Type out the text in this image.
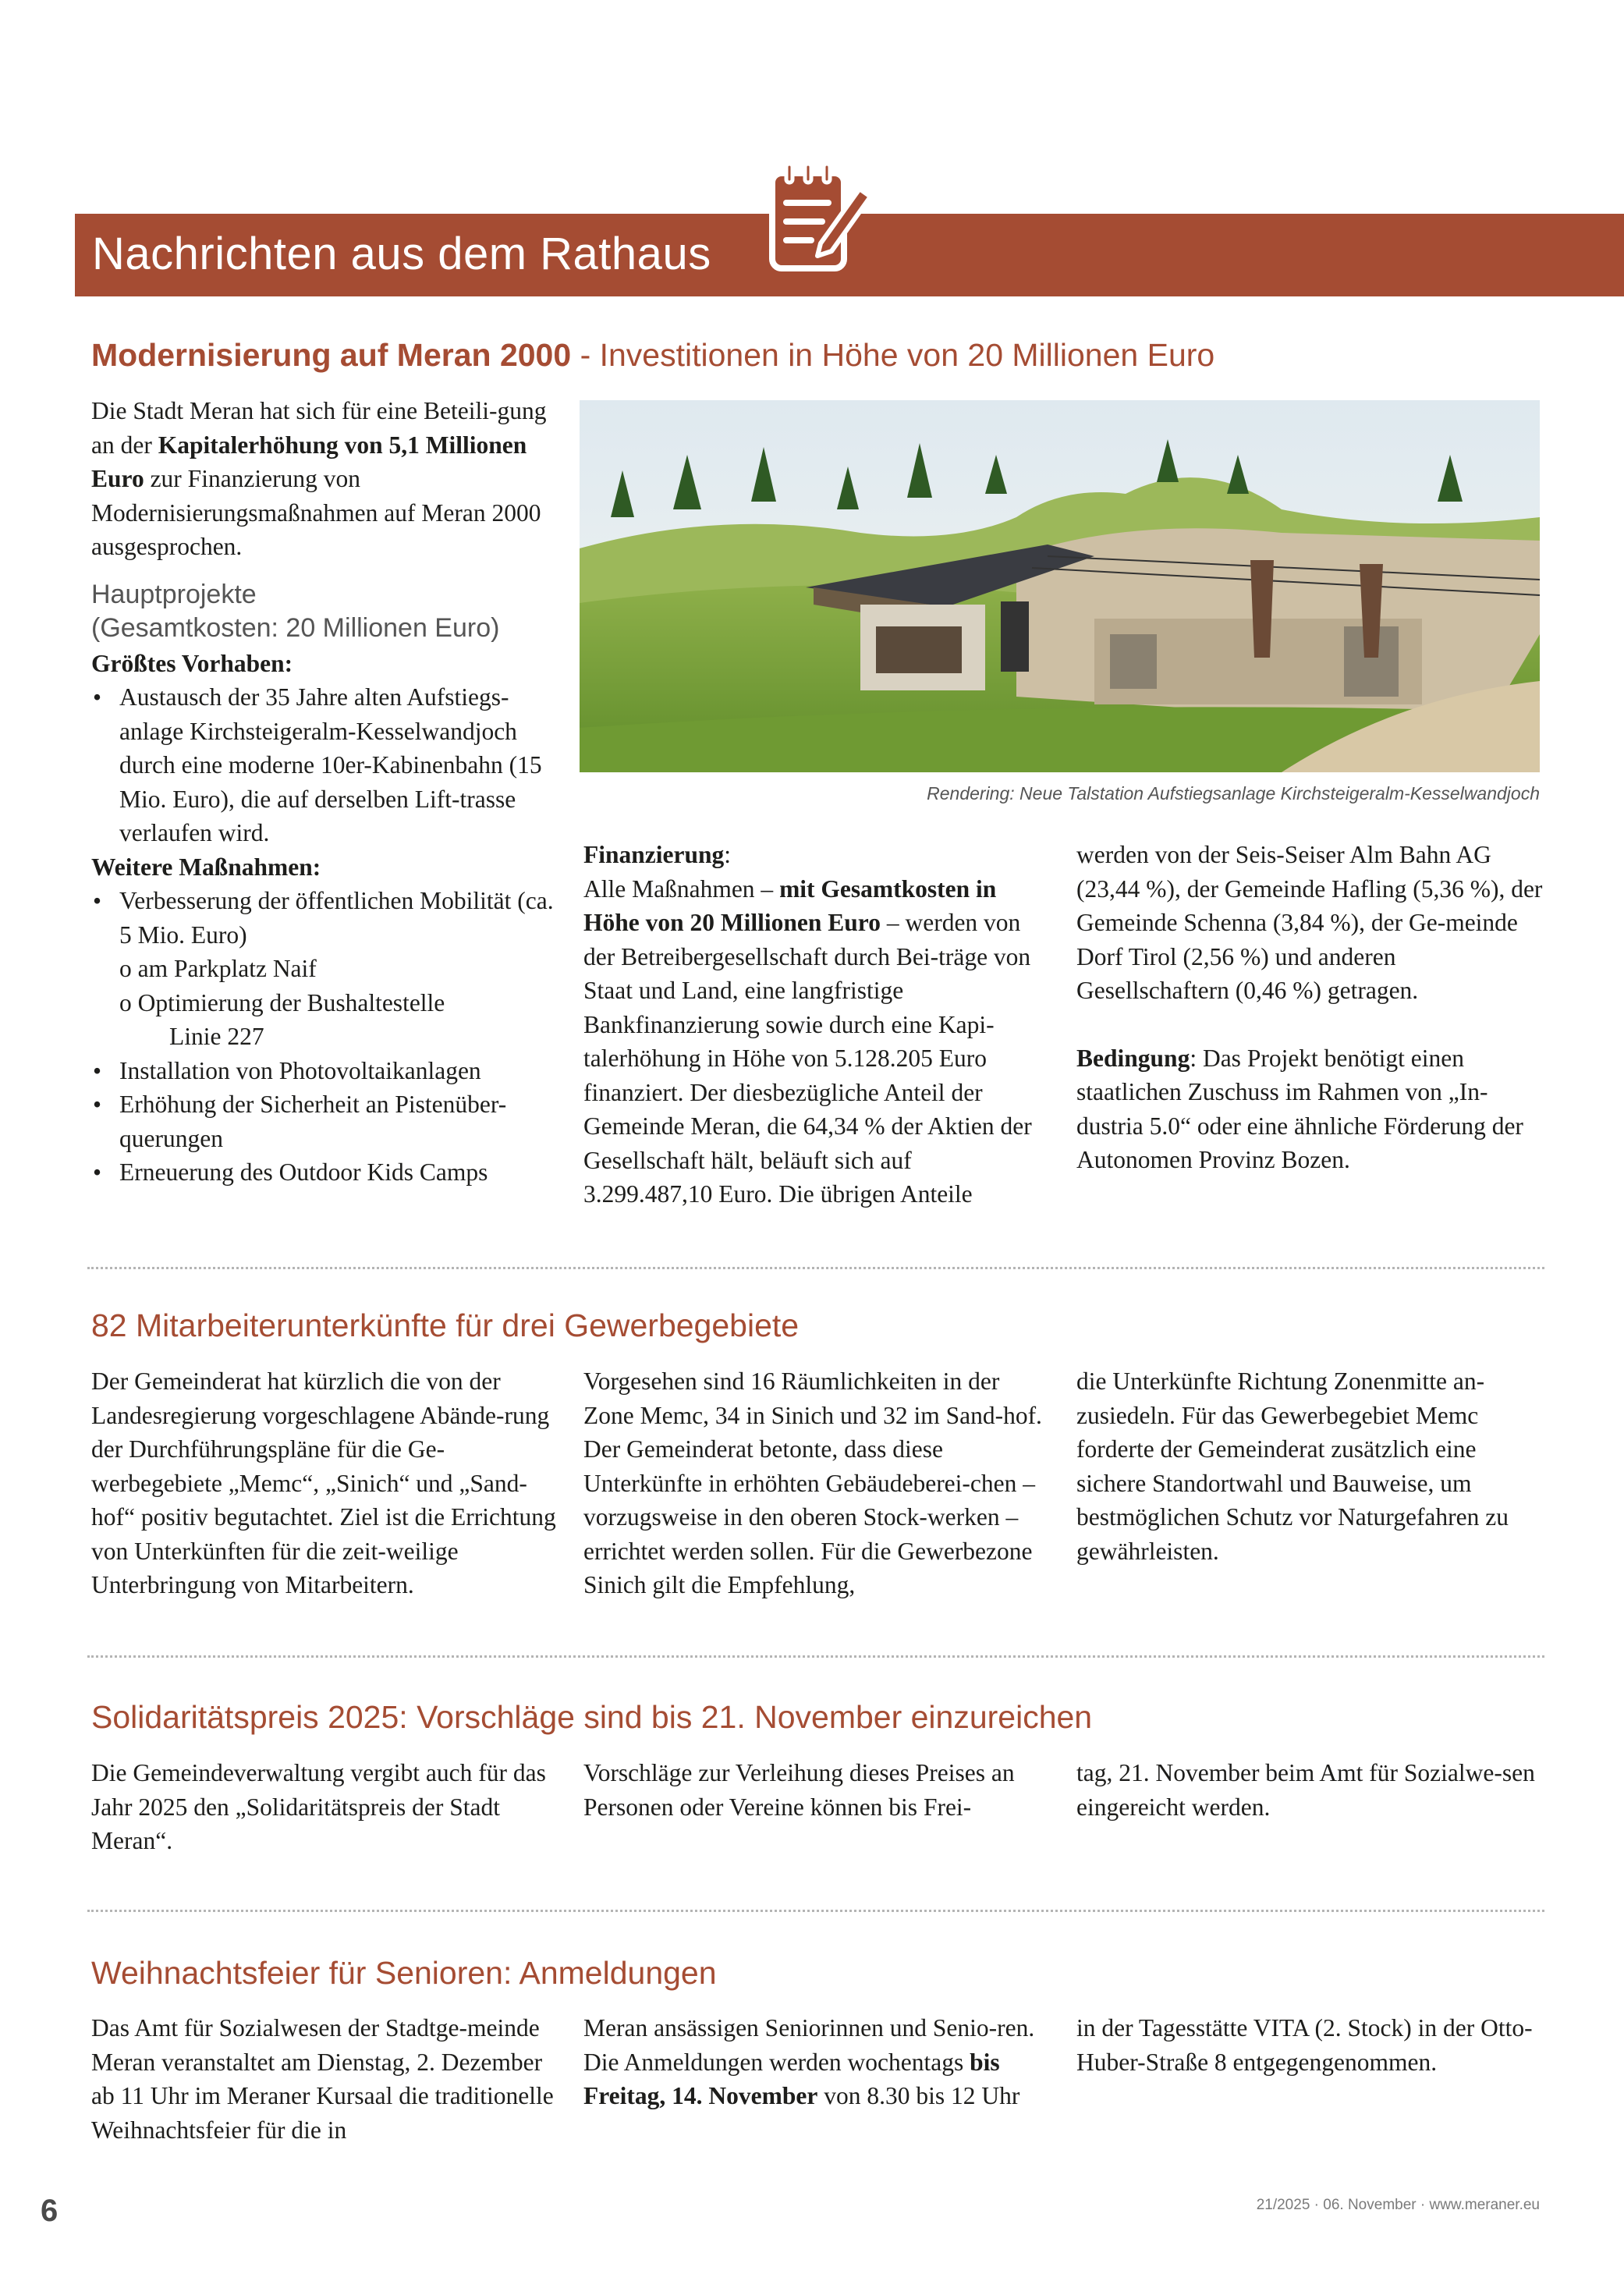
Nachrichten aus dem Rathaus
Modernisierung auf Meran 2000 - Investitionen in Höhe von 20 Millionen Euro

Die Stadt Meran hat sich für eine Beteili-gung an der Kapitalerhöhung von 5,1 Millionen Euro zur Finanzierung von Modernisierungsmaßnahmen auf Meran 2000 ausgesprochen.

Hauptprojekte
(Gesamtkosten: 20 Millionen Euro)

Größtes Vorhaben:

• Austausch der 35 Jahre alten Aufstiegs-anlage Kirchsteigeralm-Kesselwandjoch durch eine moderne 10er-Kabinenbahn (15 Mio. Euro), die auf derselben Lift-trasse verlaufen wird.

Weitere Maßnahmen:

• Verbesserung der öffentlichen Mobilität (ca. 5 Mio. Euro)
o am Parkplatz Naif
o Optimierung der Bushaltestelle
Linie 227
• Installation von Photovoltaikanlagen
• Erhöhung der Sicherheit an Pistenüber-querungen
• Erneuerung des Outdoor Kids Camps
Rendering: Neue Talstation Aufstiegsanlage Kirchsteigeralm-Kesselwandjoch

Finanzierung:

Alle Maßnahmen – mit Gesamtkosten in Höhe von 20 Millionen Euro – werden von der Betreibergesellschaft durch Bei-träge von Staat und Land, eine langfristige Bankfinanzierung sowie durch eine Kapi-talerhöhung in Höhe von 5.128.205 Euro finanziert. Der diesbezügliche Anteil der Gemeinde Meran, die 64,34 % der Aktien der Gesellschaft hält, beläuft sich auf 3.299.487,10 Euro. Die übrigen Anteile

werden von der Seis-Seiser Alm Bahn AG (23,44 %), der Gemeinde Hafling (5,36 %), der Gemeinde Schenna (3,84 %), der Ge-meinde Dorf Tirol (2,56 %) und anderen Gesellschaftern (0,46 %) getragen.

Bedingung: Das Projekt benötigt einen staatlichen Zuschuss im Rahmen von „In-dustria 5.0“ oder eine ähnliche Förderung der Autonomen Provinz Bozen.

82 Mitarbeiterunterkünfte für drei Gewerbegebiete
Der Gemeinderat hat kürzlich die von der Landesregierung vorgeschlagene Abände-rung der Durchführungspläne für die Ge-werbegebiete „Memc“, „Sinich“ und „Sand-hof“ positiv begutachtet. Ziel ist die Errichtung von Unterkünften für die zeit-weilige Unterbringung von Mitarbeitern.
Vorgesehen sind 16 Räumlichkeiten in der Zone Memc, 34 in Sinich und 32 im Sand-hof. Der Gemeinderat betonte, dass diese Unterkünfte in erhöhten Gebäudeberei-chen – vorzugsweise in den oberen Stock-werken – errichtet werden sollen. Für die Gewerbezone Sinich gilt die Empfehlung,
die Unterkünfte Richtung Zonenmitte an-zusiedeln. Für das Gewerbegebiet Memc forderte der Gemeinderat zusätzlich eine sichere Standortwahl und Bauweise, um bestmöglichen Schutz vor Naturgefahren zu gewährleisten.
Solidaritätspreis 2025: Vorschläge sind bis 21. November einzureichen
Die Gemeindeverwaltung vergibt auch für das Jahr 2025 den „Solidaritätspreis der Stadt Meran“.
Vorschläge zur Verleihung dieses Preises an Personen oder Vereine können bis Frei-
tag, 21. November beim Amt für Sozialwe-sen eingereicht werden.
Weihnachtsfeier für Senioren: Anmeldungen
Das Amt für Sozialwesen der Stadtge-meinde Meran veranstaltet am Dienstag, 2. Dezember ab 11 Uhr im Meraner Kursaal die traditionelle Weihnachtsfeier für die in

Meran ansässigen Seniorinnen und Senio-ren.

Die Anmeldungen werden wochentags bis Freitag, 14. November von 8.30 bis 12 Uhr

in der Tagesstätte VITA (2. Stock) in der Otto-Huber-Straße 8 entgegengenommen.
6	21/2025 · 06. November · www.meraner.eu
